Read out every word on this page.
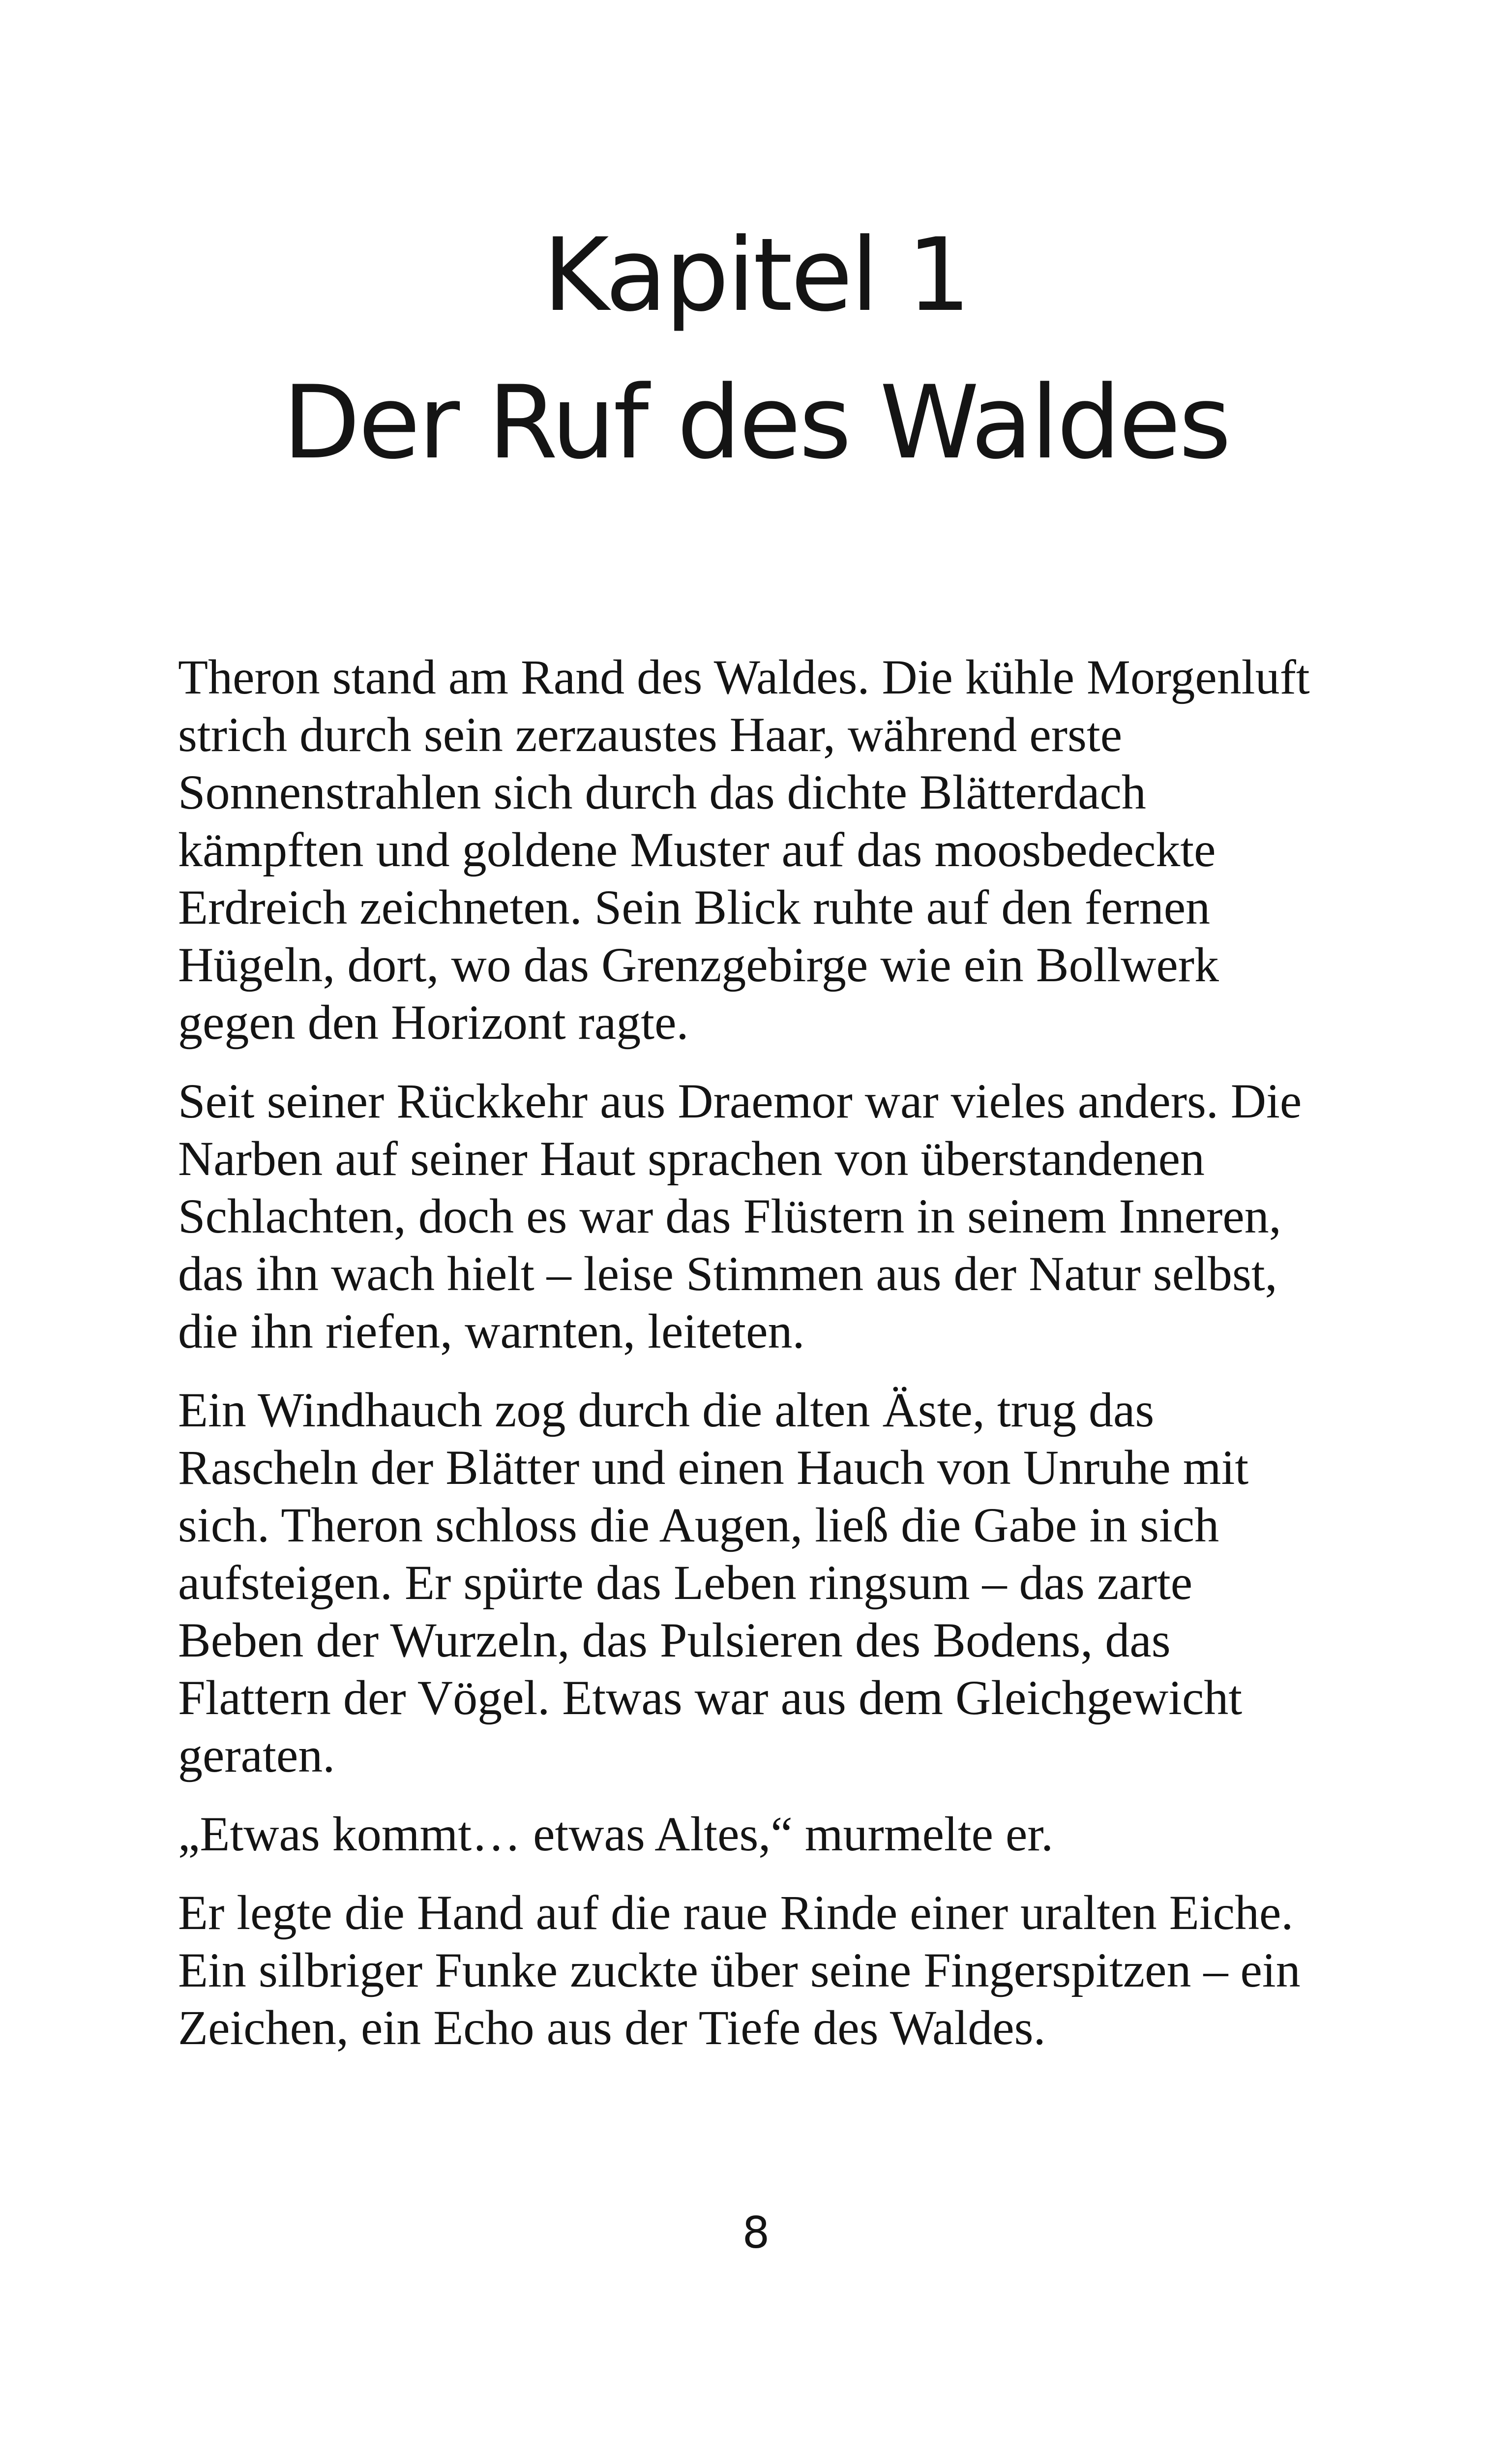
Kapitel 1
Der Ruf des Waldes

Theron stand am Rand des Waldes. Die kühle Morgenluft
strich durch sein zerzaustes Haar, während erste
Sonnenstrahlen sich durch das dichte Blätterdach
kämpften und goldene Muster auf das moosbedeckte
Erdreich zeichneten. Sein Blick ruhte auf den fernen
Hügeln, dort, wo das Grenzgebirge wie ein Bollwerk
gegen den Horizont ragte.

Seit seiner Rückkehr aus Draemor war vieles anders. Die
Narben auf seiner Haut sprachen von überstandenen
Schlachten, doch es war das Flüstern in seinem Inneren,
das ihn wach hielt – leise Stimmen aus der Natur selbst,
die ihn riefen, warnten, leiteten.

Ein Windhauch zog durch die alten Äste, trug das
Rascheln der Blätter und einen Hauch von Unruhe mit
sich. Theron schloss die Augen, ließ die Gabe in sich
aufsteigen. Er spürte das Leben ringsum – das zarte
Beben der Wurzeln, das Pulsieren des Bodens, das
Flattern der Vögel. Etwas war aus dem Gleichgewicht
geraten.

„Etwas kommt… etwas Altes,“ murmelte er.

Er legte die Hand auf die raue Rinde einer uralten Eiche.
Ein silbriger Funke zuckte über seine Fingerspitzen – ein
Zeichen, ein Echo aus der Tiefe des Waldes.

8
